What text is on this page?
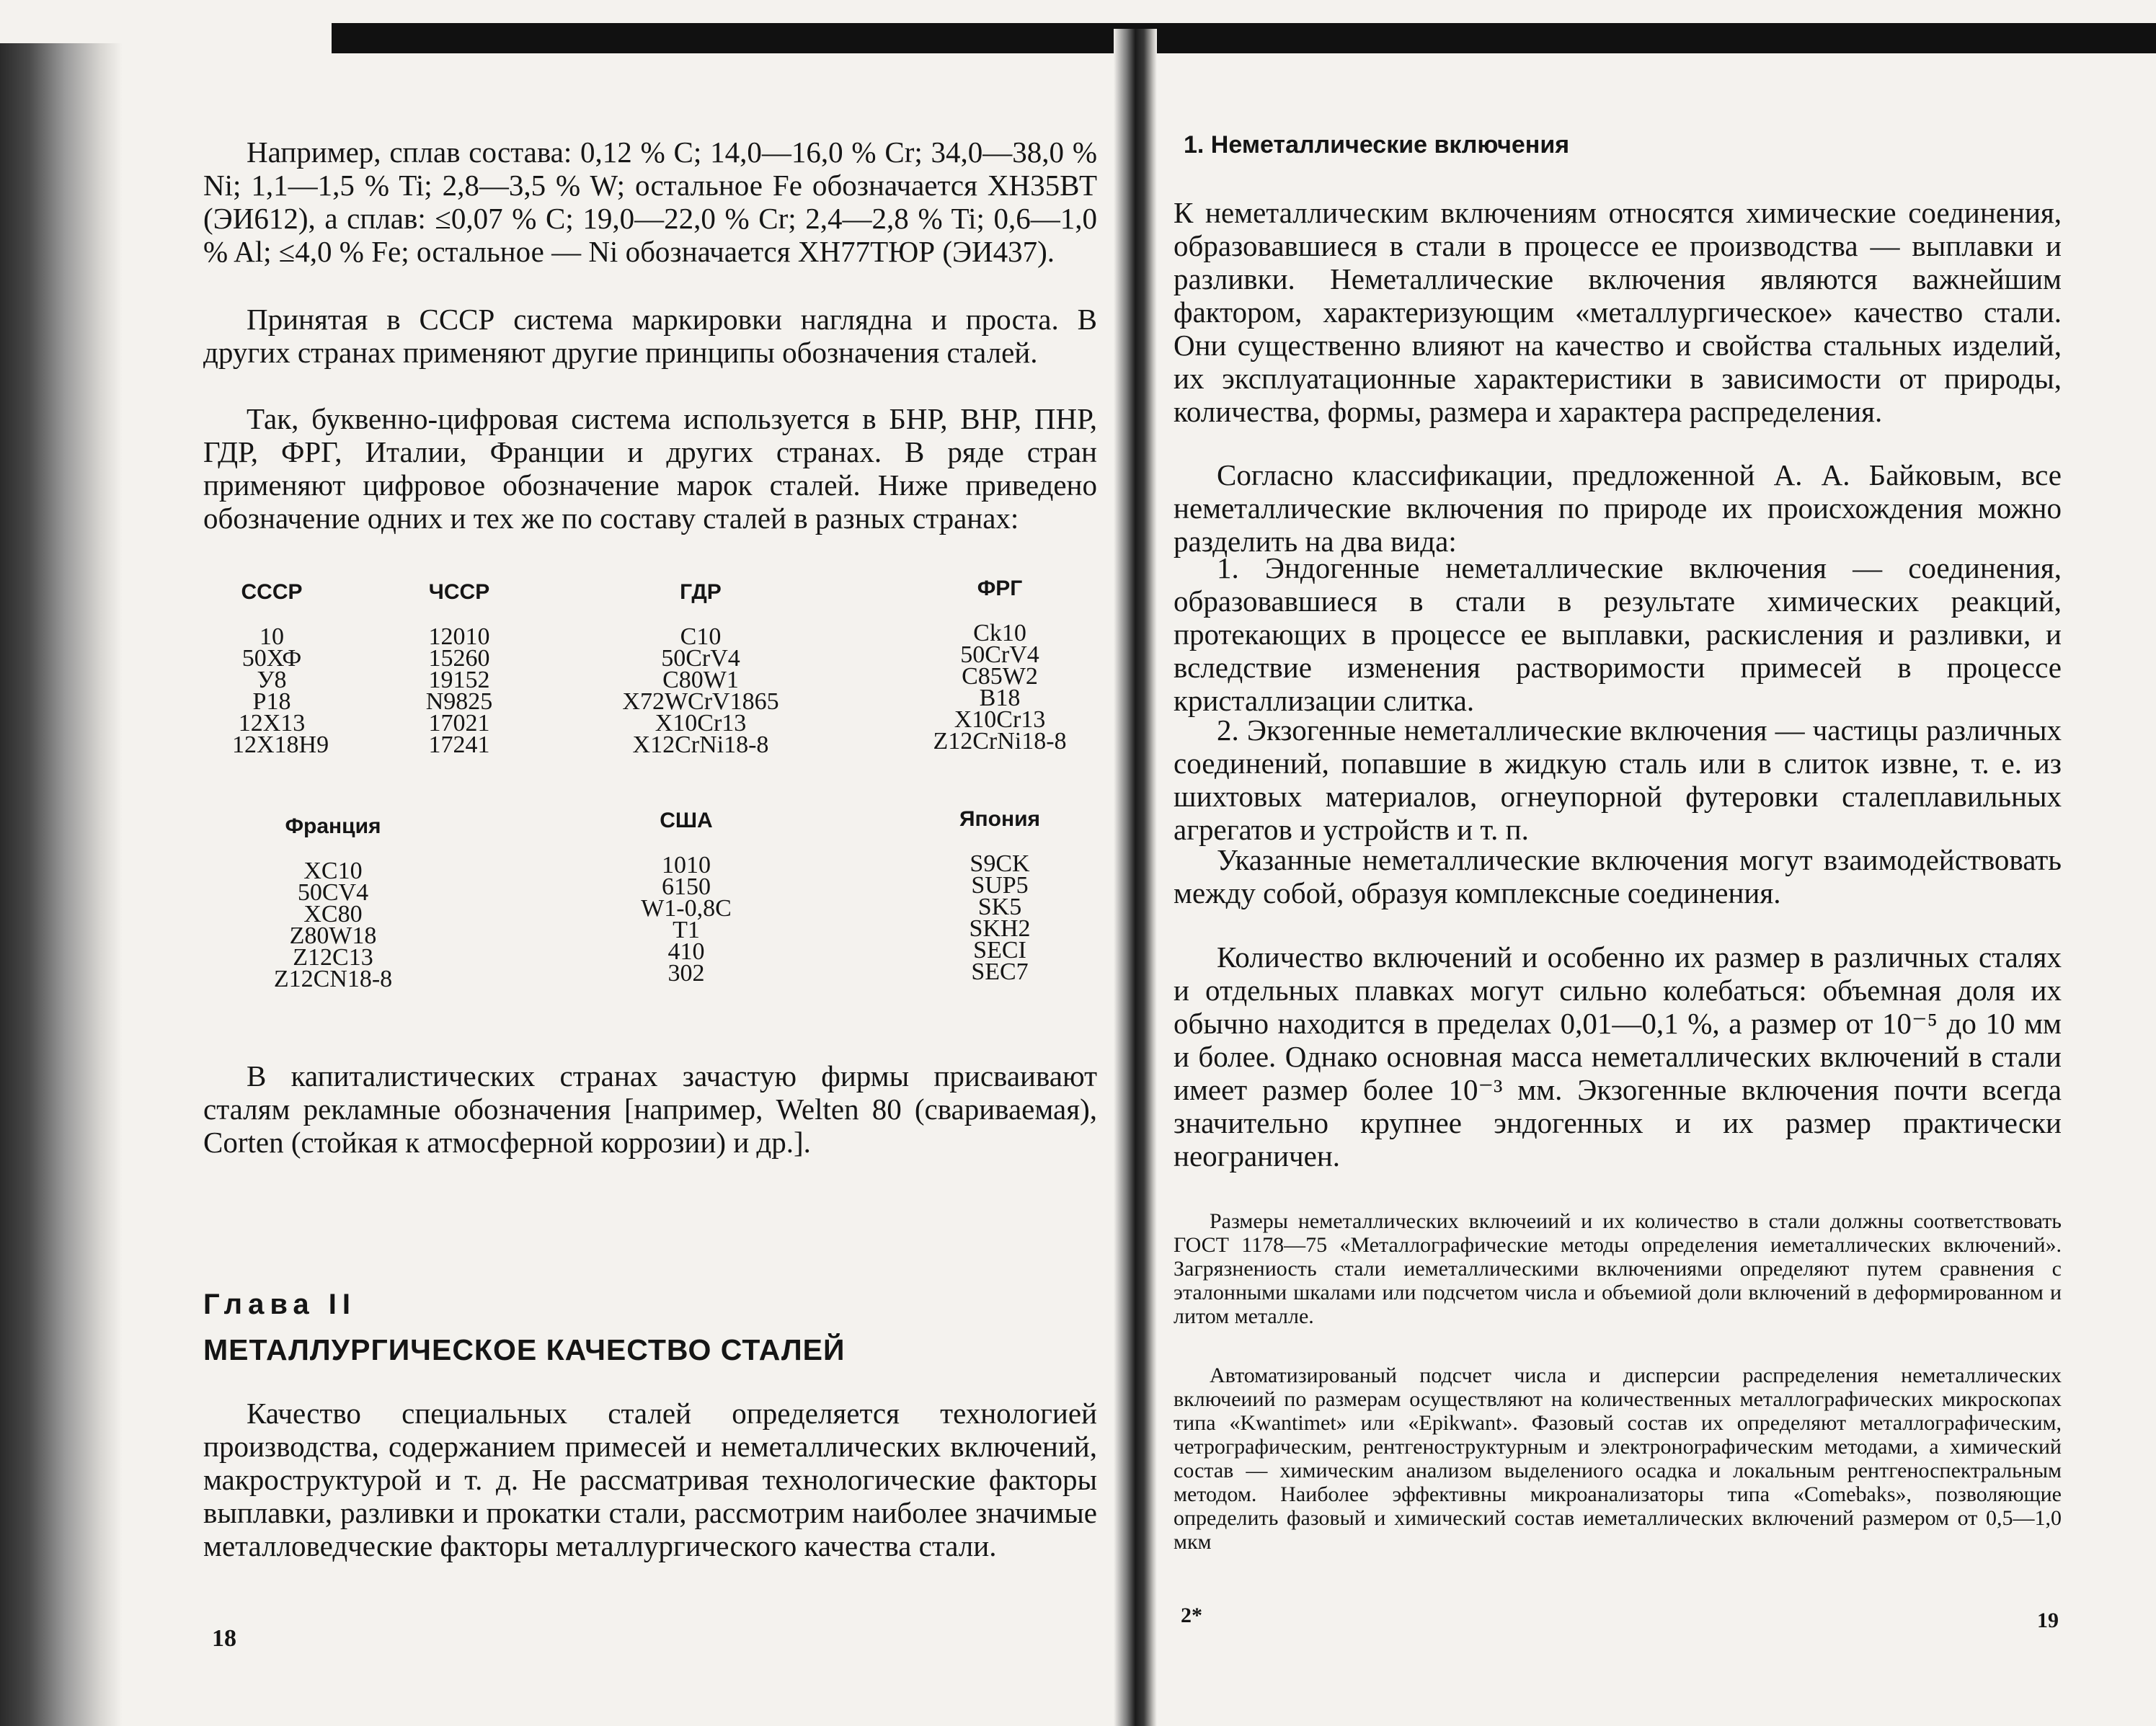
Например, сплав состава: 0,12 % C; 14,0—16,0 % Cr; 34,0—38,0 % Ni; 1,1—1,5 % Ti; 2,8—3,5 % W; остальное Fe обозначается ХН35ВТ (ЭИ612), а сплав: ≤0,07 % C; 19,0—22,0 % Cr; 2,4—2,8 % Ti; 0,6—1,0 % Al; ≤4,0 % Fe; остальное — Ni обозначается ХН77ТЮР (ЭИ437).

Принятая в СССР система маркировки наглядна и проста. В других странах применяют другие принципы обозначения сталей.

Так, буквенно-цифровая система используется в БНР, ВНР, ПНР, ГДР, ФРГ, Италии, Франции и других странах. В ряде стран применяют цифровое обозначение марок сталей. Ниже приведено обозначение одних и тех же по составу сталей в разных странах:

СССР
10
50ХФ
У8
Р18
12Х13
12Х18Н9
ЧССР
12010
15260
19152
N9825
17021
17241
ГДР
C10
50CrV4
C80W1
X72WCrV1865
X10Cr13
X12CrNi18-8
ФРГ
Ck10
50CrV4
C85W2
B18
X10Cr13
Z12CrNi18-8
Франция
XC10
50CV4
XC80
Z80W18
Z12C13
Z12CN18-8
США
1010
6150
W1-0,8C
T1
410
302
Япония
S9CK
SUP5
SK5
SKH2
SECI
SEC7

В капиталистических странах зачастую фирмы присваивают сталям рекламные обозначения [например, Welten 80 (свариваемая), Corten (стойкая к атмосферной коррозии) и др.].

Глава II

МЕТАЛЛУРГИЧЕСКОЕ КАЧЕСТВО СТАЛЕЙ

Качество специальных сталей определяется технологией производства, содержанием примесей и неметаллических включений, макроструктурой и т. д. Не рассматривая технологические факторы выплавки, разливки и прокатки стали, рассмотрим наиболее значимые металловедческие факторы металлургического качества стали.

18

1. Неметаллические включения

К неметаллическим включениям относятся химические соединения, образовавшиеся в стали в процессе ее производства — выплавки и разливки. Неметаллические включения являются важнейшим фактором, характеризующим «металлургическое» качество стали. Они существенно влияют на качество и свойства стальных изделий, их эксплуатационные характеристики в зависимости от природы, количества, формы, размера и характера распределения.

Согласно классификации, предложенной А. А. Байковым, все неметаллические включения по природе их происхождения можно разделить на два вида:

1. Эндогенные неметаллические включения — соединения, образовавшиеся в стали в результате химических реакций, протекающих в процессе ее выплавки, раскисления и разливки, и вследствие изменения растворимости примесей в процессе кристаллизации слитка.

2. Экзогенные неметаллические включения — частицы различных соединений, попавшие в жидкую сталь или в слиток извне, т. е. из шихтовых материалов, огнеупорной футеровки сталеплавильных агрегатов и устройств и т. п.

Указанные неметаллические включения могут взаимодействовать между собой, образуя комплексные соединения.

Количество включений и особенно их размер в различных сталях и отдельных плавках могут сильно колебаться: объемная доля их обычно находится в пределах 0,01—0,1 %, а размер от 10⁻⁵ до 10 мм и более. Однако основная масса неметаллических включений в стали имеет размер более 10⁻³ мм. Экзогенные включения почти всегда значительно крупнее эндогенных и их размер практически неограничен.

Размеры неметаллических включеиий и их количество в стали должны соответствовать ГОСТ 1178—75 «Металлографические методы определения иеметаллических включений». Загрязнениость стали иеметаллическими включениями определяют путем сравнения с эталонными шкалами или подсчетом числа и объемиой доли включений в деформированном и литом металле.

Автоматизированый подсчет числа и дисперсии распределения неметаллических включеиий по размерам осуществляют на количественных металлографических микроскопах типа «Kwantimet» или «Epikwant». Фазовый состав их определяют металлографическим, четрографическим, рентгеноструктурным и электроноrрафическим методами, а химический состав — химическим анализом выделениого осадка и локальным рентгеноспектральным методом. Наиболее эффективны микроанализаторы типа «Comebaks», позволяющие определить фазовый и химический состав иеметаллических включений размером от 0,5—1,0 мкм

2*	19
